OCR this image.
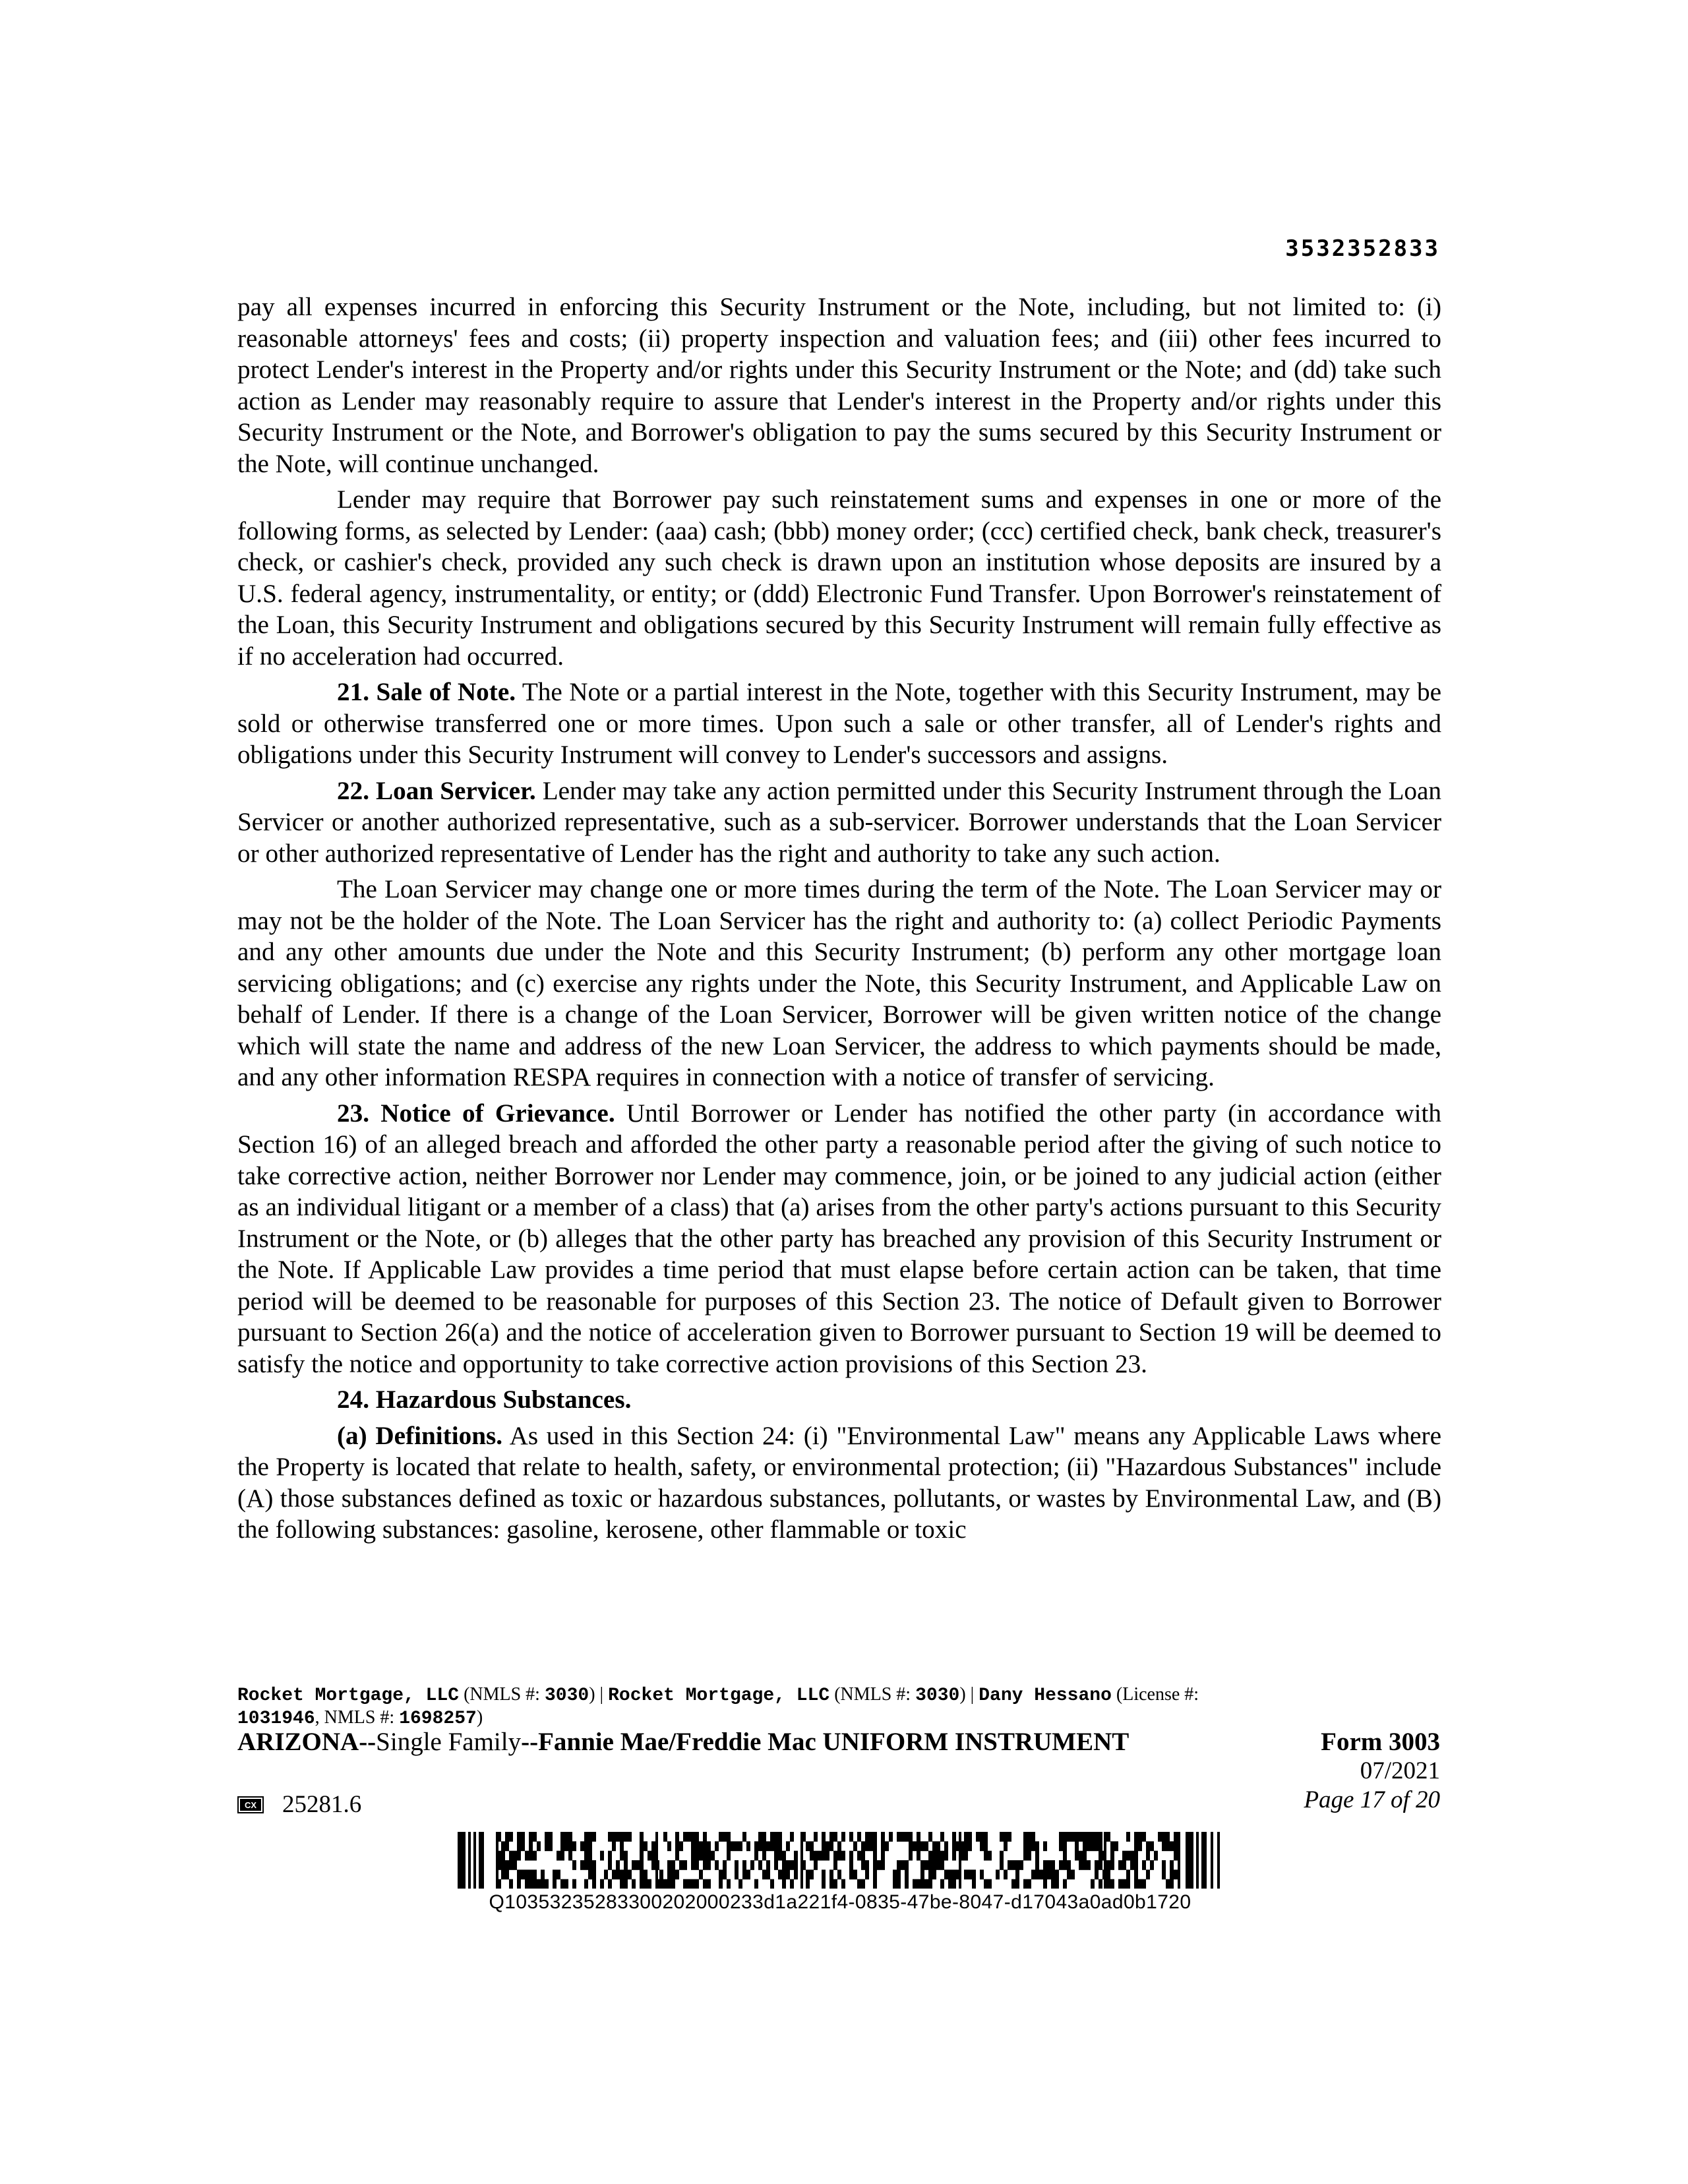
3532352833

pay all expenses incurred in enforcing this Security Instrument or the Note, including, but not limited to: (i) reasonable attorneys' fees and costs; (ii) property inspection and valuation fees; and (iii) other fees incurred to protect Lender's interest in the Property and/or rights under this Security Instrument or the Note; and (dd) take such action as Lender may reasonably require to assure that Lender's interest in the Property and/or rights under this Security Instrument or the Note, and Borrower's obligation to pay the sums secured by this Security Instrument or the Note, will continue unchanged.

Lender may require that Borrower pay such reinstatement sums and expenses in one or more of the following forms, as selected by Lender: (aaa) cash; (bbb) money order; (ccc) certified check, bank check, treasurer's check, or cashier's check, provided any such check is drawn upon an institution whose deposits are insured by a U.S. federal agency, instrumentality, or entity; or (ddd) Electronic Fund Transfer. Upon Borrower's reinstatement of the Loan, this Security Instrument and obligations secured by this Security Instrument will remain fully effective as if no acceleration had occurred.

21. Sale of Note. The Note or a partial interest in the Note, together with this Security Instrument, may be sold or otherwise transferred one or more times. Upon such a sale or other transfer, all of Lender's rights and obligations under this Security Instrument will convey to Lender's successors and assigns.

22. Loan Servicer. Lender may take any action permitted under this Security Instrument through the Loan Servicer or another authorized representative, such as a sub-servicer. Borrower understands that the Loan Servicer or other authorized representative of Lender has the right and authority to take any such action.

The Loan Servicer may change one or more times during the term of the Note. The Loan Servicer may or may not be the holder of the Note. The Loan Servicer has the right and authority to: (a) collect Periodic Payments and any other amounts due under the Note and this Security Instrument; (b) perform any other mortgage loan servicing obligations; and (c) exercise any rights under the Note, this Security Instrument, and Applicable Law on behalf of Lender. If there is a change of the Loan Servicer, Borrower will be given written notice of the change which will state the name and address of the new Loan Servicer, the address to which payments should be made, and any other information RESPA requires in connection with a notice of transfer of servicing.

23. Notice of Grievance. Until Borrower or Lender has notified the other party (in accordance with Section 16) of an alleged breach and afforded the other party a reasonable period after the giving of such notice to take corrective action, neither Borrower nor Lender may commence, join, or be joined to any judicial action (either as an individual litigant or a member of a class) that (a) arises from the other party's actions pursuant to this Security Instrument or the Note, or (b) alleges that the other party has breached any provision of this Security Instrument or the Note. If Applicable Law provides a time period that must elapse before certain action can be taken, that time period will be deemed to be reasonable for purposes of this Section 23. The notice of Default given to Borrower pursuant to Section 26(a) and the notice of acceleration given to Borrower pursuant to Section 19 will be deemed to satisfy the notice and opportunity to take corrective action provisions of this Section 23.

24. Hazardous Substances.

(a) Definitions. As used in this Section 24: (i) "Environmental Law" means any Applicable Laws where the Property is located that relate to health, safety, or environmental protection; (ii) "Hazardous Substances" include (A) those substances defined as toxic or hazardous substances, pollutants, or wastes by Environmental Law, and (B) the following substances: gasoline, kerosene, other flammable or toxic

Rocket Mortgage, LLC (NMLS #: 3030) | Rocket Mortgage, LLC (NMLS #: 3030) | Dany Hessano (License #:
1031946, NMLS #: 1698257)
ARIZONA--Single Family--Fannie Mae/Freddie Mac UNIFORM INSTRUMENT	Form 3003
07/2021
Page 17 of 20
CX 25281.6
Q10353235283300202000233d1a221f4-0835-47be-8047-d17043a0ad0b1720
